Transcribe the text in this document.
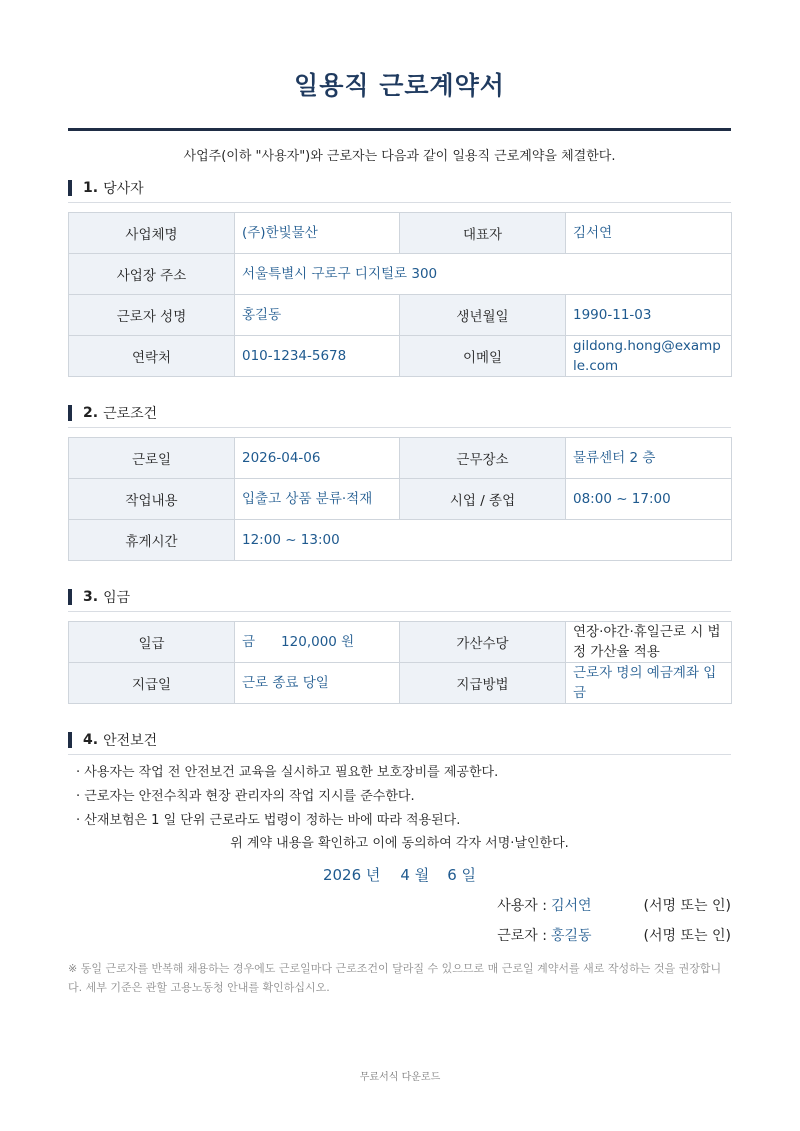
일용직 근로계약서
사업주(이하 "사용자")와 근로자는 다음과 같이 일용직 근로계약을 체결한다.
1. 당사자
사업체명	(주)한빛물산	대표자	김서연
사업장 주소	서울특별시 구로구 디지털로 300		
근로자 성명	홍길동	생년월일	1990-11-03
연락처	010-1234-5678	이메일	gildong.hong@example.com
2. 근로조건
근로일	2026-04-06	근무장소	물류센터 2 층
작업내용	입출고 상품 분류·적재	시업 / 종업	08:00 ~ 17:00
휴게시간	12:00 ~ 13:00		
3. 임금
일급	금 120,000 원	가산수당	연장·야간·휴일근로 시 법정 가산율 적용
지급일	근로 종료 당일	지급방법	근로자 명의 예금계좌 입금
4. 안전보건
· 사용자는 작업 전 안전보건 교육을 실시하고 필요한 보호장비를 제공한다.
· 근로자는 안전수칙과 현장 관리자의 작업 지시를 준수한다.
· 산재보험은 1 일 단위 근로라도 법령이 정하는 바에 따라 적용된다.
위 계약 내용을 확인하고 이에 동의하여 각자 서명·날인한다.
2026 년 4 월 6 일
사용자 : 김서연	(서명 또는 인)
근로자 : 홍길동	(서명 또는 인)
※ 동일 근로자를 반복해 채용하는 경우에도 근로일마다 근로조건이 달라질 수 있으므로 매 근로일 계약서를 새로 작성하는 것을 권장합니다. 세부 기준은 관할 고용노동청 안내를 확인하십시오.
무료서식 다운로드
